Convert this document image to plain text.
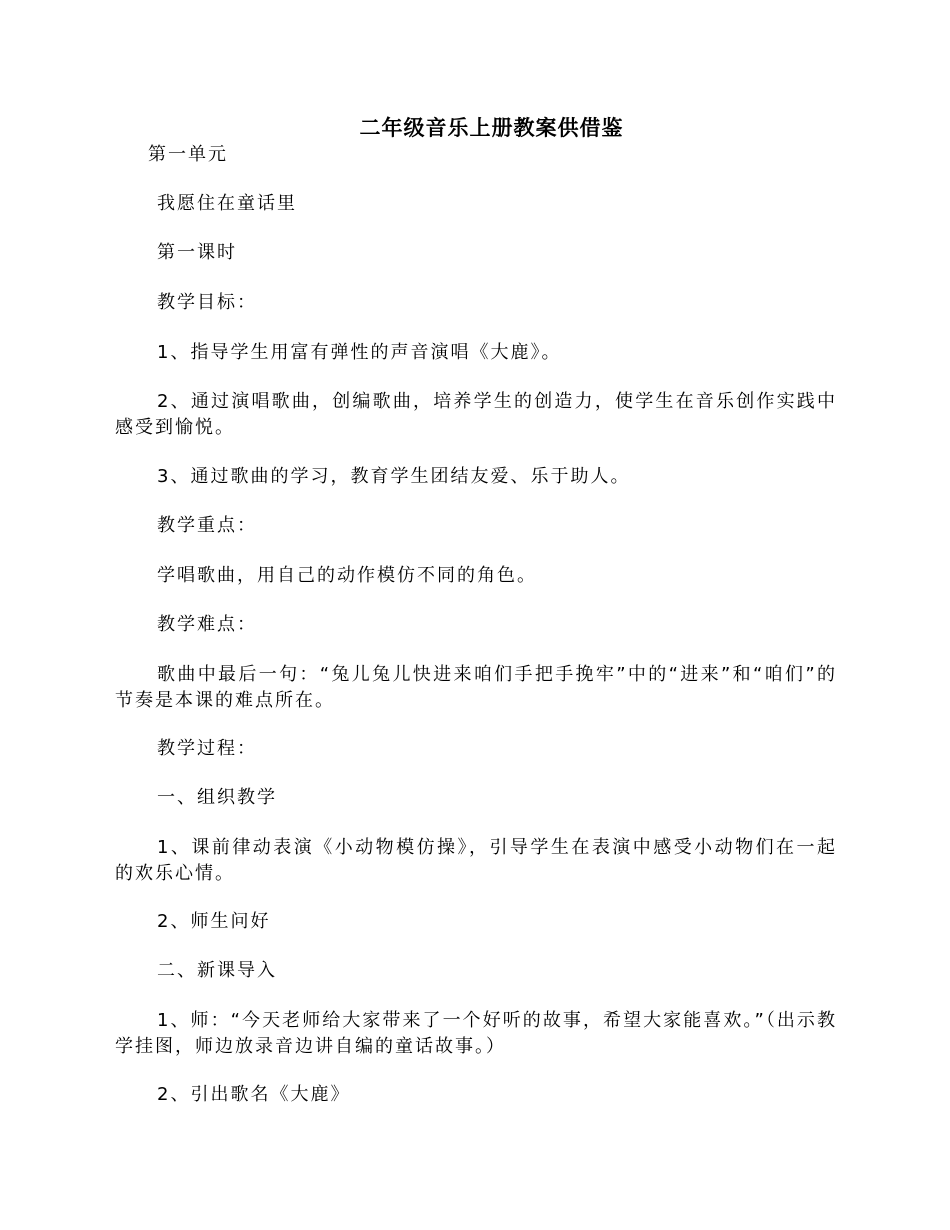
二年级音乐上册教案供借鉴
第一单元
我愿住在童话里
第一课时
教学目标：
1、指导学生用富有弹性的声音演唱《大鹿》。
2、通过演唱歌曲，创编歌曲，培养学生的创造力，使学生在音乐创作实践中感受到愉悦。
3、通过歌曲的学习，教育学生团结友爱、乐于助人。
教学重点：
学唱歌曲，用自己的动作模仿不同的角色。
教学难点：
歌曲中最后一句：“兔儿兔儿快进来咱们手把手挽牢”中的“进来”和“咱们”的节奏是本课的难点所在。
教学过程：
一、组织教学
1、课前律动表演《小动物模仿操》，引导学生在表演中感受小动物们在一起的欢乐心情。
2、师生问好
二、新课导入
1、师：“今天老师给大家带来了一个好听的故事，希望大家能喜欢。”（出示教学挂图，师边放录音边讲自编的童话故事。）
2、引出歌名《大鹿》
